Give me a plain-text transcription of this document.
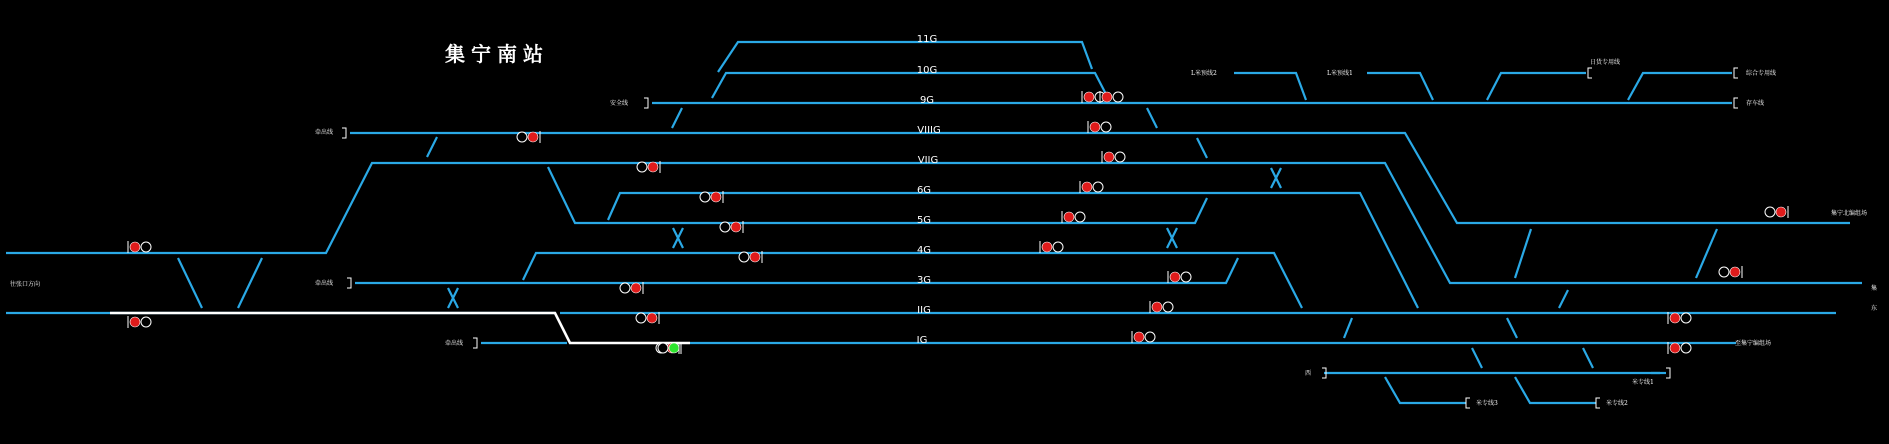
集宁南站
11G
10G
9G
VIIIG
VIIG
6G
5G
4G
3G
IIG
IG
安全线
牵出线
牵出线
牵出线
L米预线2	L米预线1
日货专用线
综合专用线
存车线
集宁北编组场
至集宁编组场
往张口方向
西
米专线3	米专线2
米专线1
集
东
